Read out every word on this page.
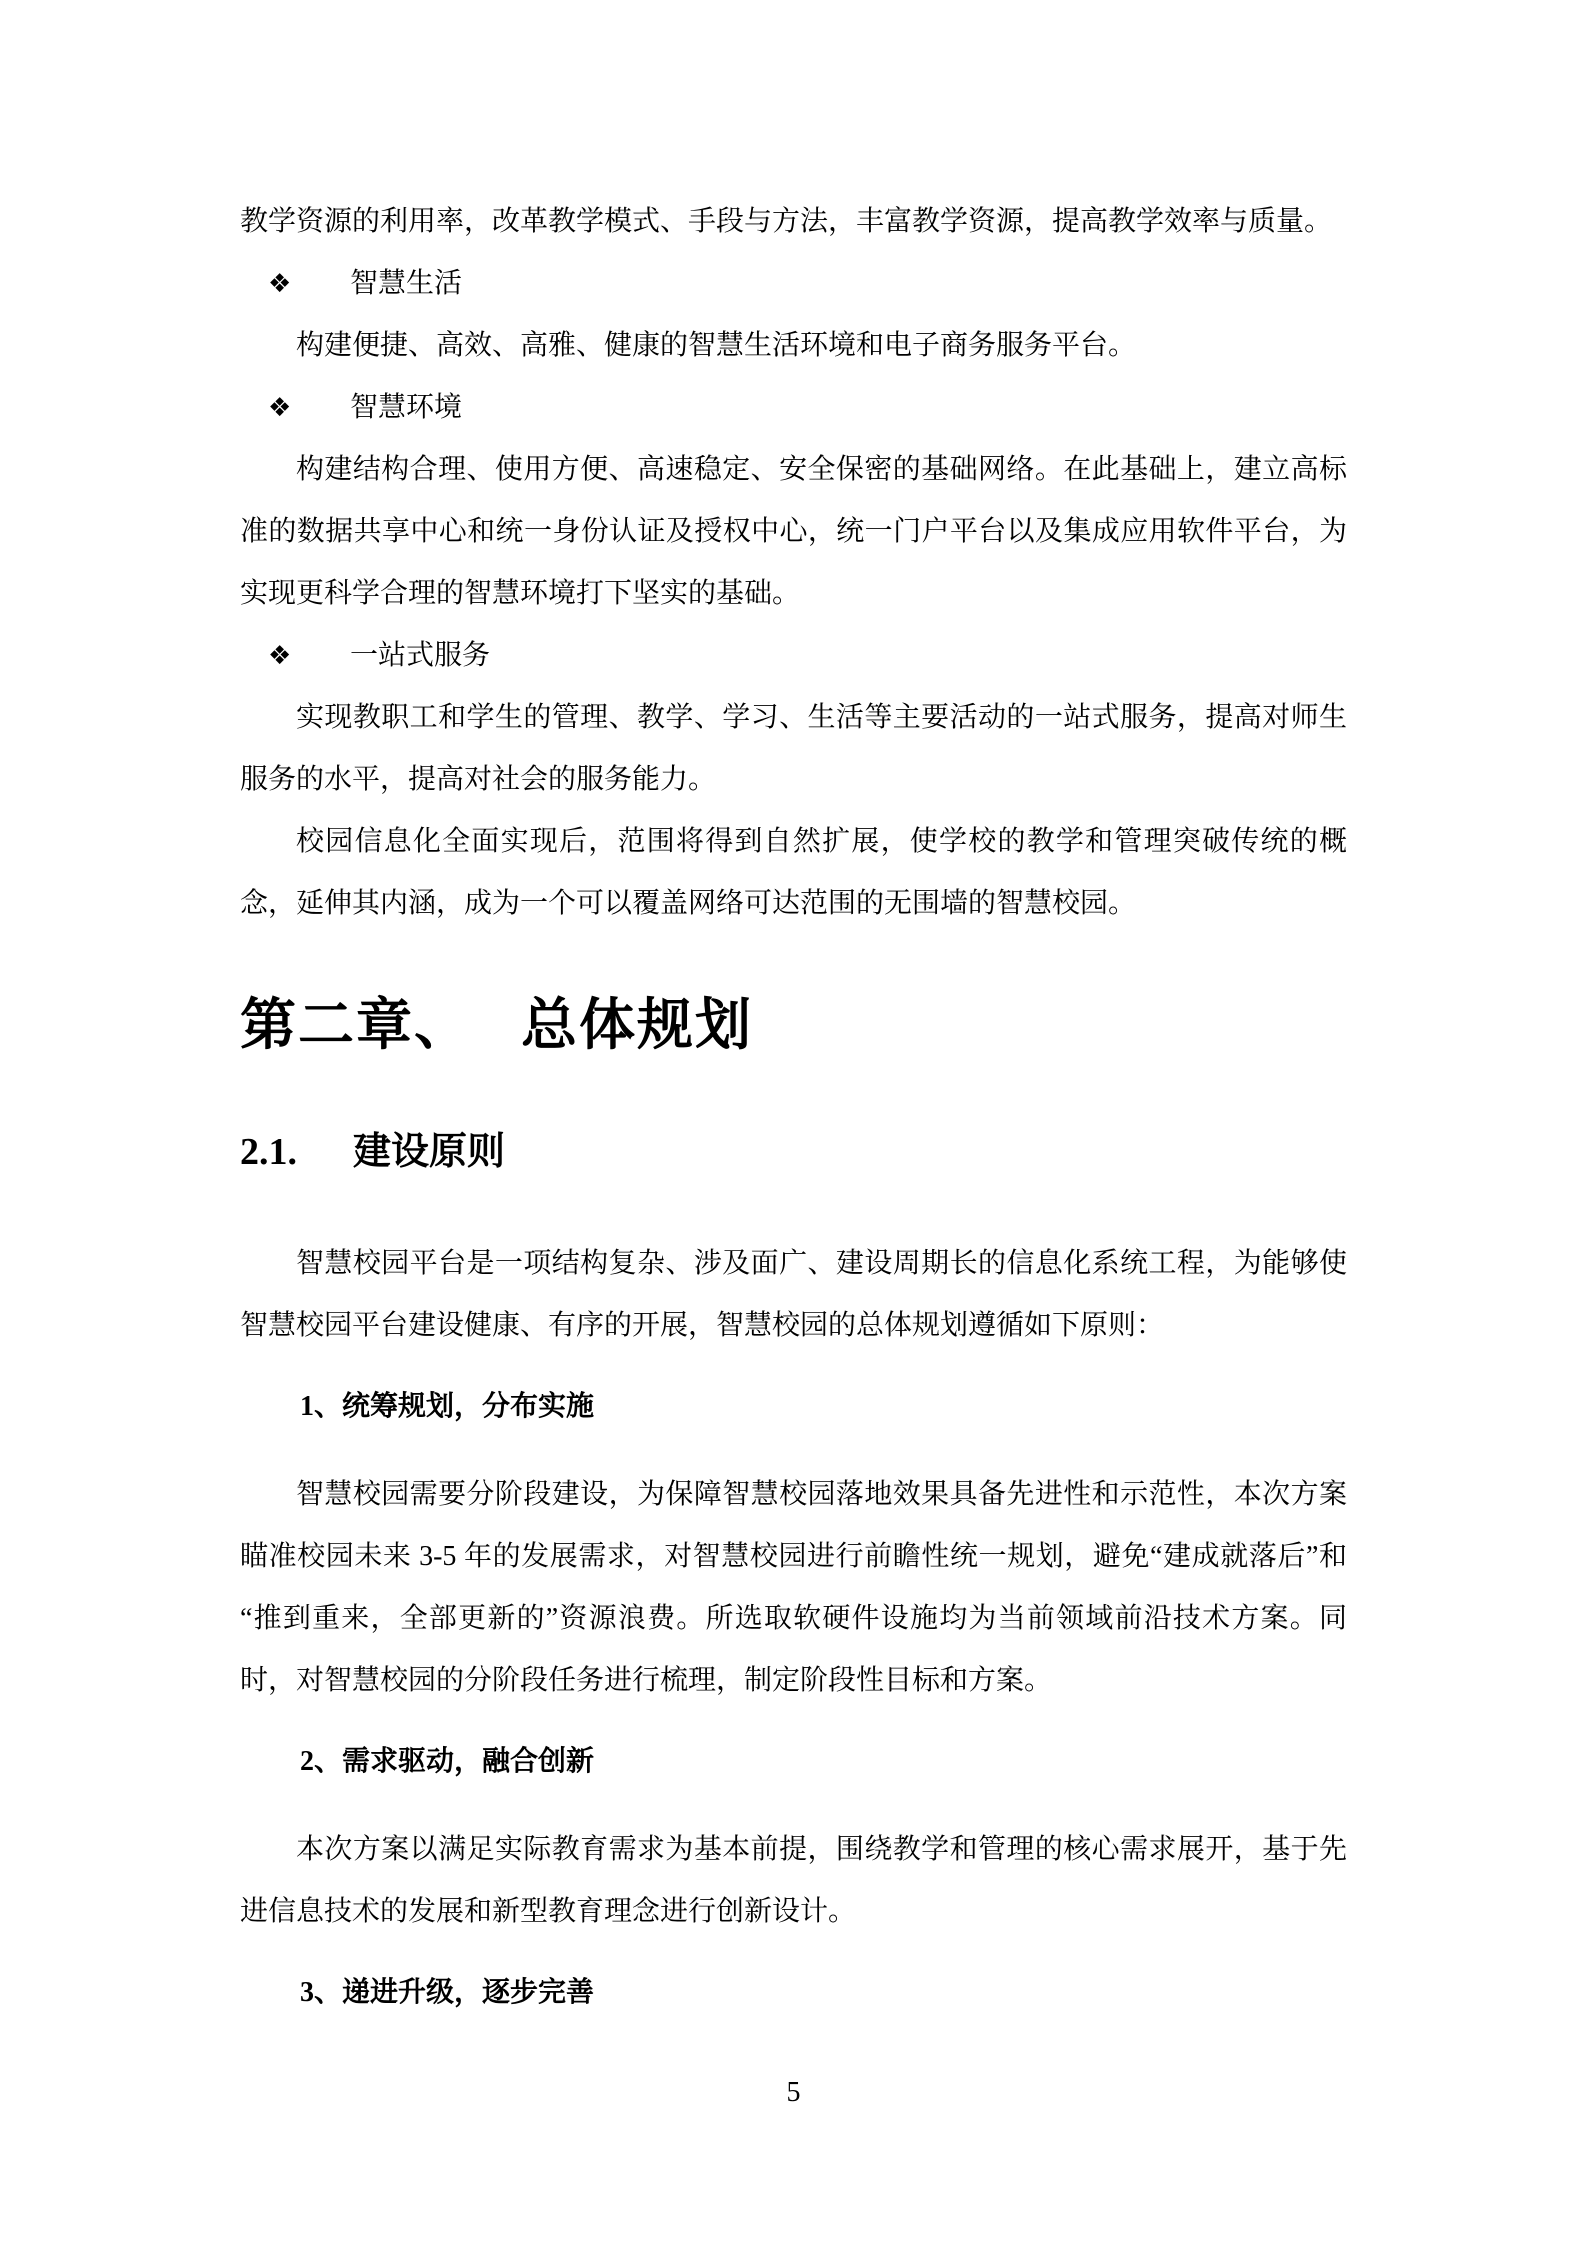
教学资源的利用率，改革教学模式、手段与方法，丰富教学资源，提高教学效率与质量。

❖ 智慧生活

构建便捷、高效、高雅、健康的智慧生活环境和电子商务服务平台。

❖ 智慧环境

构建结构合理、使用方便、高速稳定、安全保密的基础网络。在此基础上，建立高标准的数据共享中心和统一身份认证及授权中心，统一门户平台以及集成应用软件平台，为实现更科学合理的智慧环境打下坚实的基础。

❖ 一站式服务

实现教职工和学生的管理、教学、学习、生活等主要活动的一站式服务，提高对师生服务的水平，提高对社会的服务能力。

校园信息化全面实现后，范围将得到自然扩展，使学校的教学和管理突破传统的概念，延伸其内涵，成为一个可以覆盖网络可达范围的无围墙的智慧校园。

第二章、 总体规划
2.1. 建设原则

智慧校园平台是一项结构复杂、涉及面广、建设周期长的信息化系统工程，为能够使智慧校园平台建设健康、有序的开展，智慧校园的总体规划遵循如下原则：

1、统筹规划，分布实施

智慧校园需要分阶段建设，为保障智慧校园落地效果具备先进性和示范性，本次方案瞄准校园未来 3-5 年的发展需求，对智慧校园进行前瞻性统一规划，避免“建成就落后”和“推到重来，全部更新的”资源浪费。所选取软硬件设施均为当前领域前沿技术方案。同时，对智慧校园的分阶段任务进行梳理，制定阶段性目标和方案。

2、需求驱动，融合创新

本次方案以满足实际教育需求为基本前提，围绕教学和管理的核心需求展开，基于先进信息技术的发展和新型教育理念进行创新设计。

3、递进升级，逐步完善

5
